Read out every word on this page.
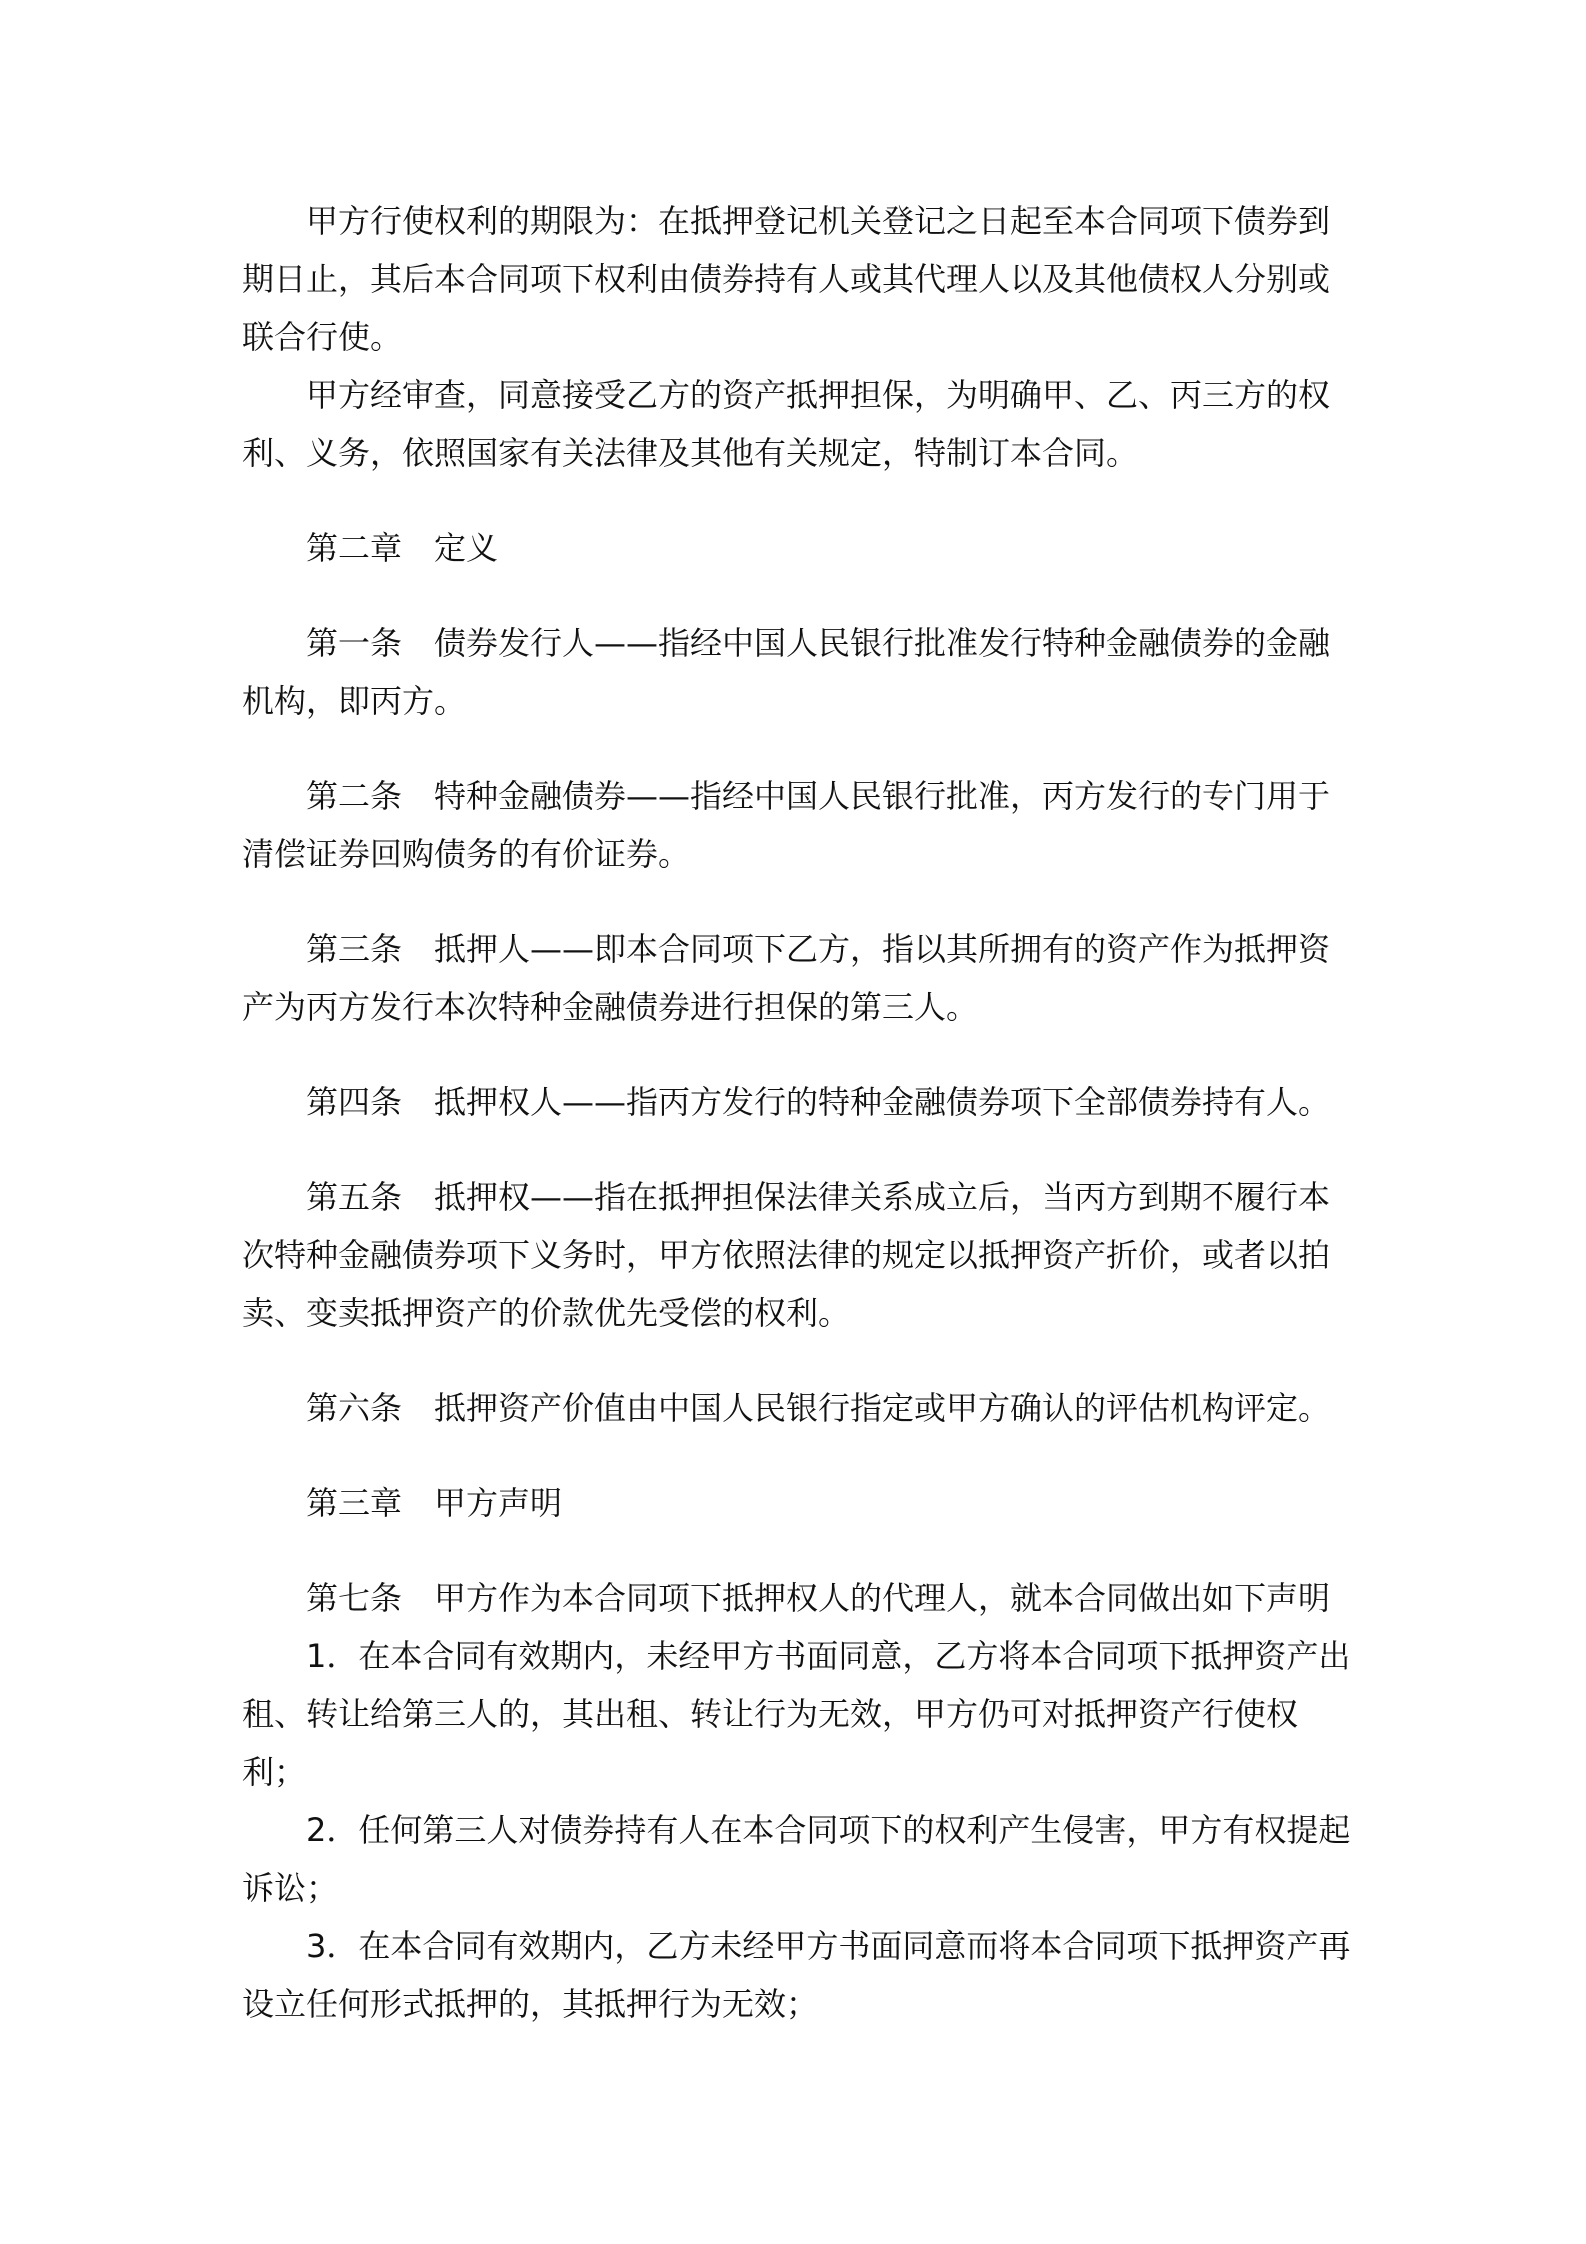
甲方行使权利的期限为：在抵押登记机关登记之日起至本合同项下债券到期日止，其后本合同项下权利由债券持有人或其代理人以及其他债权人分别或联合行使。

甲方经审查，同意接受乙方的资产抵押担保，为明确甲、乙、丙三方的权利、义务，依照国家有关法律及其他有关规定，特制订本合同。

第二章 定义

第一条 债券发行人——指经中国人民银行批准发行特种金融债券的金融机构，即丙方。

第二条 特种金融债券——指经中国人民银行批准，丙方发行的专门用于清偿证券回购债务的有价证券。

第三条 抵押人——即本合同项下乙方，指以其所拥有的资产作为抵押资产为丙方发行本次特种金融债券进行担保的第三人。

第四条 抵押权人——指丙方发行的特种金融债券项下全部债券持有人。

第五条 抵押权——指在抵押担保法律关系成立后，当丙方到期不履行本次特种金融债券项下义务时，甲方依照法律的规定以抵押资产折价，或者以拍卖、变卖抵押资产的价款优先受偿的权利。

第六条 抵押资产价值由中国人民银行指定或甲方确认的评估机构评定。

第三章 甲方声明

第七条 甲方作为本合同项下抵押权人的代理人，就本合同做出如下声明

1．在本合同有效期内，未经甲方书面同意，乙方将本合同项下抵押资产出租、转让给第三人的，其出租、转让行为无效，甲方仍可对抵押资产行使权利；

2．任何第三人对债券持有人在本合同项下的权利产生侵害，甲方有权提起诉讼；

3．在本合同有效期内，乙方未经甲方书面同意而将本合同项下抵押资产再设立任何形式抵押的，其抵押行为无效；
